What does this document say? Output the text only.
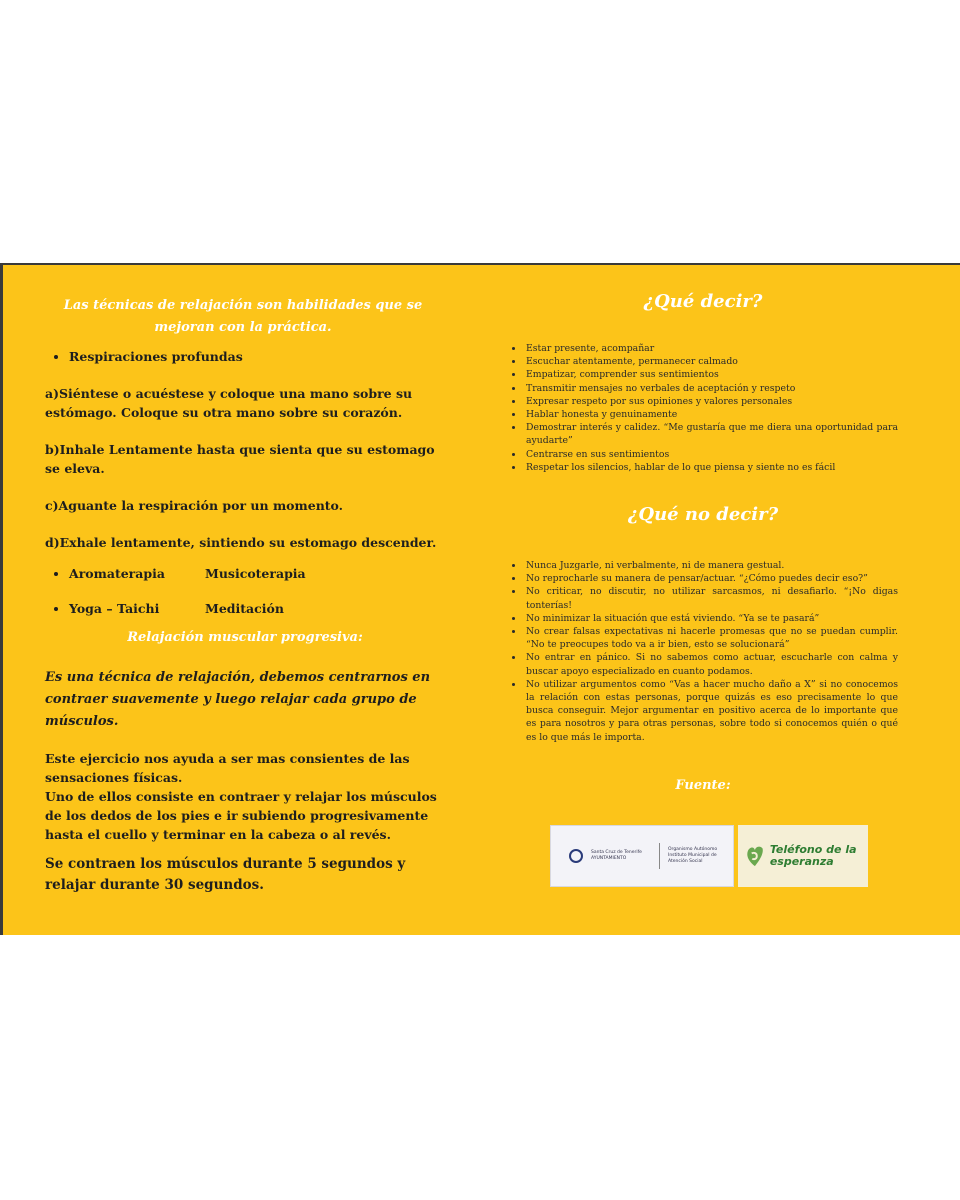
Las técnicas de relajación son habilidades que se mejoran con la práctica.

• Respiraciones profundas

a)Siéntese o acuéstese y coloque una mano sobre su estómago. Coloque su otra mano sobre su corazón.

b)Inhale Lentamente hasta que sienta que su estomago se eleva.

c)Aguante la respiración por un momento.

d)Exhale lentamente, sintiendo su estomago descender.

• Aromaterapia	Musicoterapia
• Yoga – Taichi	Meditación

Relajación muscular progresiva:

Es una técnica de relajación, debemos centrarnos en contraer suavemente y luego relajar cada grupo de músculos.

Este ejercicio nos ayuda a ser mas consientes de las sensaciones físicas.

Uno de ellos consiste en contraer y relajar los músculos de los dedos de los pies e ir subiendo progresivamente hasta el cuello y terminar en la cabeza o al revés.

Se contraen los músculos durante 5 segundos y relajar durante 30 segundos.

¿Qué decir?

• Estar presente, acompañar
• Escuchar atentamente, permanecer calmado
• Empatizar, comprender sus sentimientos
• Transmitir mensajes no verbales de aceptación y respeto
• Expresar respeto por sus opiniones y valores personales
• Hablar honesta y genuinamente
• Demostrar interés y calidez. “Me gustaría que me diera una oportunidad para ayudarte”
• Centrarse en sus sentimientos
• Respetar los silencios, hablar de lo que piensa y siente no es fácil

¿Qué no decir?

• Nunca Juzgarle, ni verbalmente, ni de manera gestual.
• No reprocharle su manera de pensar/actuar. “¿Cómo puedes decir eso?”
• No criticar, no discutir, no utilizar sarcasmos, ni desafiarlo. “¡No digas tonterías!
• No minimizar la situación que está viviendo. “Ya se te pasará”
• No crear falsas expectativas ni hacerle promesas que no se puedan cumplir. “No te preocupes todo va a ir bien, esto se solucionará”
• No entrar en pánico. Si no sabemos como actuar, escucharle con calma y buscar apoyo especializado en cuanto podamos.
• No utilizar argumentos como “Vas a hacer mucho daño a X” si no conocemos la relación con estas personas, porque quizás es eso precisamente lo que busca conseguir. Mejor argumentar en positivo acerca de lo importante que es para nosotros y para otras personas, sobre todo si conocemos quién o qué es lo que más le importa.

Fuente:

Santa Cruz de Tenerife AYUNTAMIENTO
Organismo Autónomo Instituto Municipal de Atención Social
Teléfono de la esperanza
